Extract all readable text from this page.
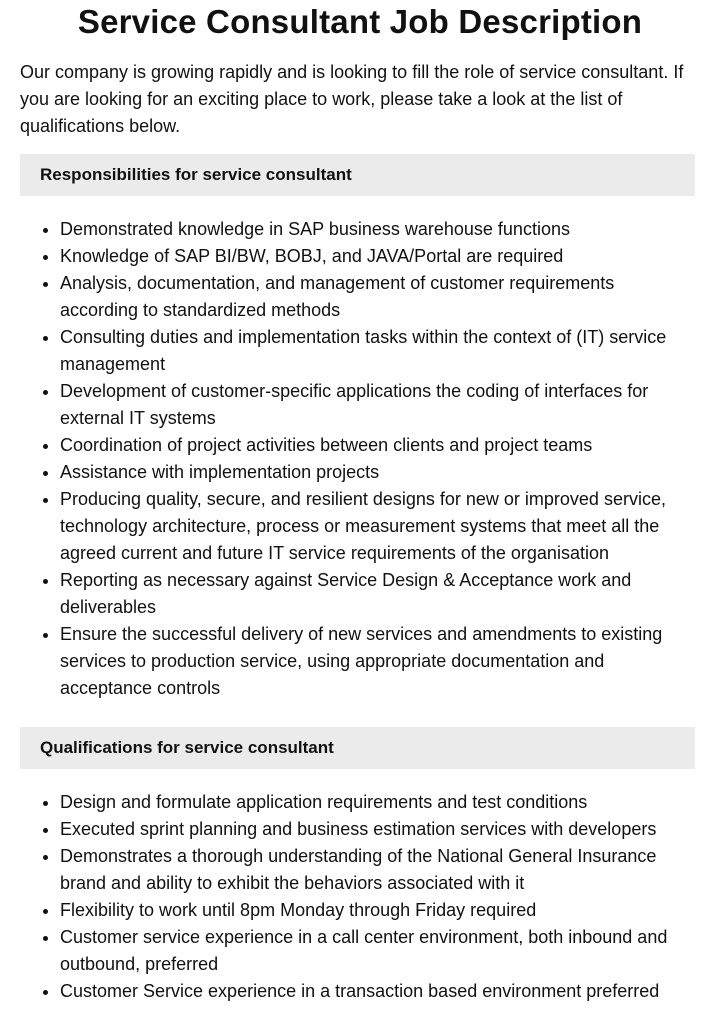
Service Consultant Job Description

Our company is growing rapidly and is looking to fill the role of service consultant. If you are looking for an exciting place to work, please take a look at the list of qualifications below.

Responsibilities for service consultant
• Demonstrated knowledge in SAP business warehouse functions
• Knowledge of SAP BI/BW, BOBJ, and JAVA/Portal are required
• Analysis, documentation, and management of customer requirements according to standardized methods
• Consulting duties and implementation tasks within the context of (IT) service management
• Development of customer-specific applications the coding of interfaces for external IT systems
• Coordination of project activities between clients and project teams
• Assistance with implementation projects
• Producing quality, secure, and resilient designs for new or improved service, technology architecture, process or measurement systems that meet all the agreed current and future IT service requirements of the organisation
• Reporting as necessary against Service Design & Acceptance work and deliverables
• Ensure the successful delivery of new services and amendments to existing services to production service, using appropriate documentation and acceptance controls
Qualifications for service consultant
• Design and formulate application requirements and test conditions
• Executed sprint planning and business estimation services with developers
• Demonstrates a thorough understanding of the National General Insurance brand and ability to exhibit the behaviors associated with it
• Flexibility to work until 8pm Monday through Friday required
• Customer service experience in a call center environment, both inbound and outbound, preferred
• Customer Service experience in a transaction based environment preferred
